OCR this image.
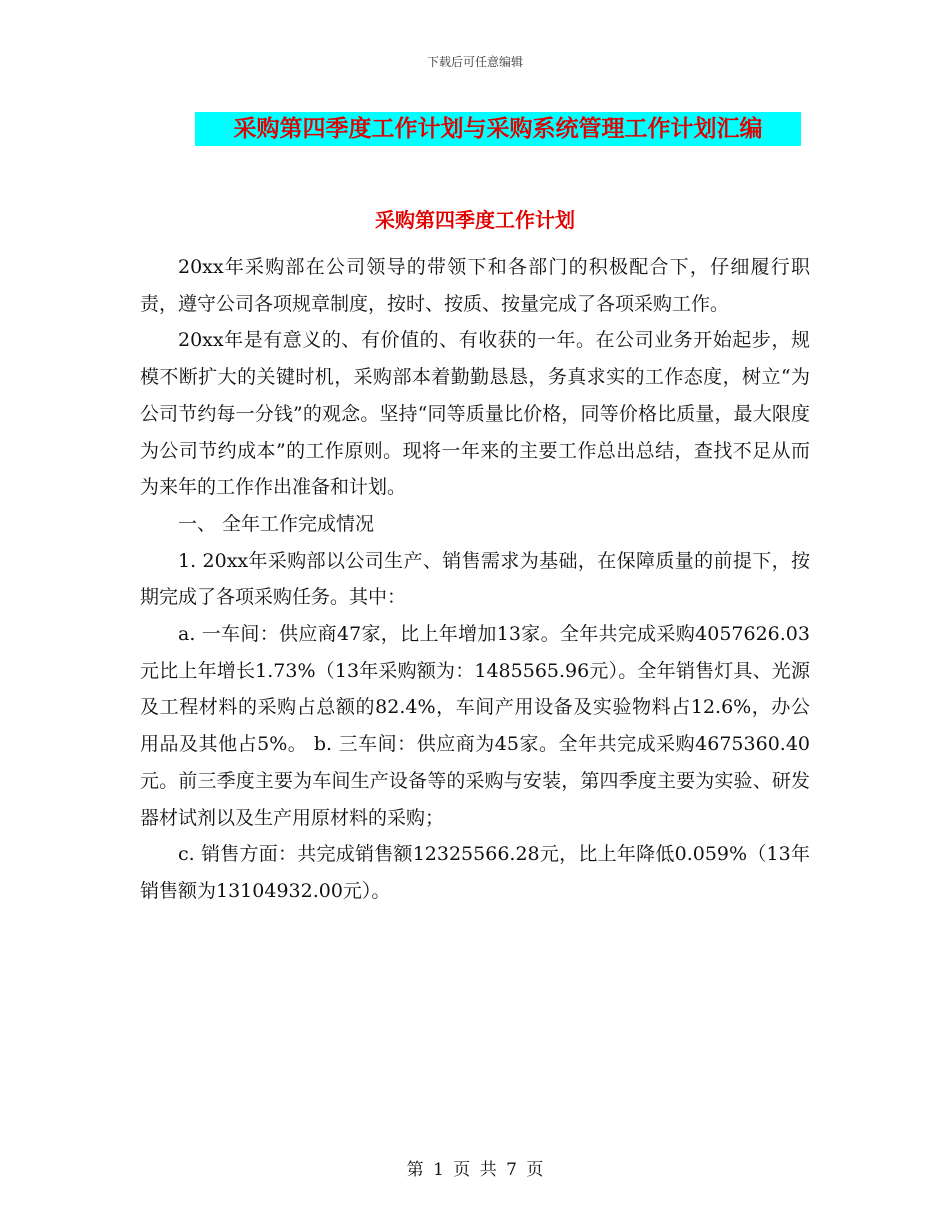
下载后可任意编辑
采购第四季度工作计划与采购系统管理工作计划汇编
采购第四季度工作计划

20xx年采购部在公司领导的带领下和各部门的积极配合下，仔细履行职责，遵守公司各项规章制度，按时、按质、按量完成了各项采购工作。

20xx年是有意义的、有价值的、有收获的一年。在公司业务开始起步，规模不断扩大的关键时机，采购部本着勤勤恳恳，务真求实的工作态度，树立“为公司节约每一分钱”的观念。坚持“同等质量比价格，同等价格比质量，最大限度为公司节约成本”的工作原则。现将一年来的主要工作总出总结，查找不足从而为来年的工作作出准备和计划。

一、 全年工作完成情况

1. 20xx年采购部以公司生产、销售需求为基础，在保障质量的前提下，按期完成了各项采购任务。其中：

a. 一车间：供应商47家，比上年增加13家。全年共完成采购4057626.03元比上年增长1.73%（13年采购额为：1485565.96元）。全年销售灯具、光源及工程材料的采购占总额的82.4%，车间产用设备及实验物料占12.6%，办公用品及其他占5%。 b. 三车间：供应商为45家。全年共完成采购4675360.40元。前三季度主要为车间生产设备等的采购与安装，第四季度主要为实验、研发器材试剂以及生产用原材料的采购；

c. 销售方面：共完成销售额12325566.28元，比上年降低0.059%（13年销售额为13104932.00元）。

第 1 页 共 7 页
